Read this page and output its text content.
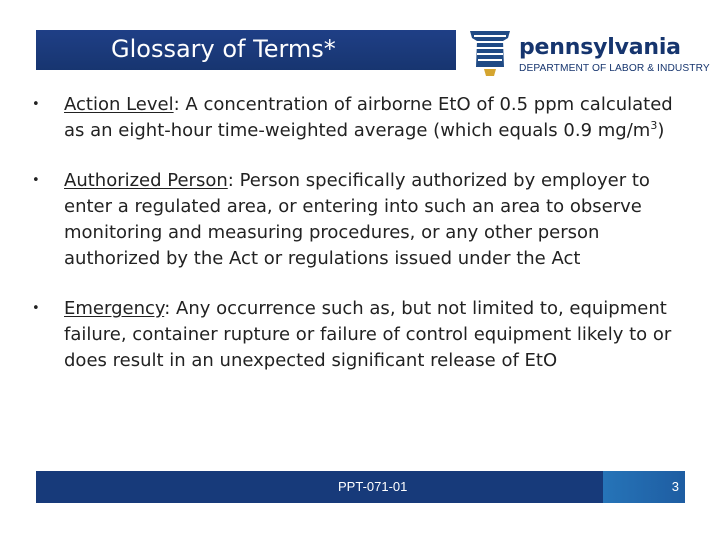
Glossary of Terms*	pennsylvania
DEPARTMENT OF LABOR & INDUSTRY
• Action Level: A concentration of airborne EtO of 0.5 ppm calculated as an eight-hour time-weighted average (which equals 0.9 $mg/m^3$)
• Authorized Person: Person specifically authorized by employer to enter a regulated area, or entering into such an area to observe monitoring and measuring procedures, or any other person authorized by the Act or regulations issued under the Act
• Emergency: Any occurrence such as, but not limited to, equipment failure, container rupture or failure of control equipment likely to or does result in an unexpected significant release of EtO
PPT-071-01	3
